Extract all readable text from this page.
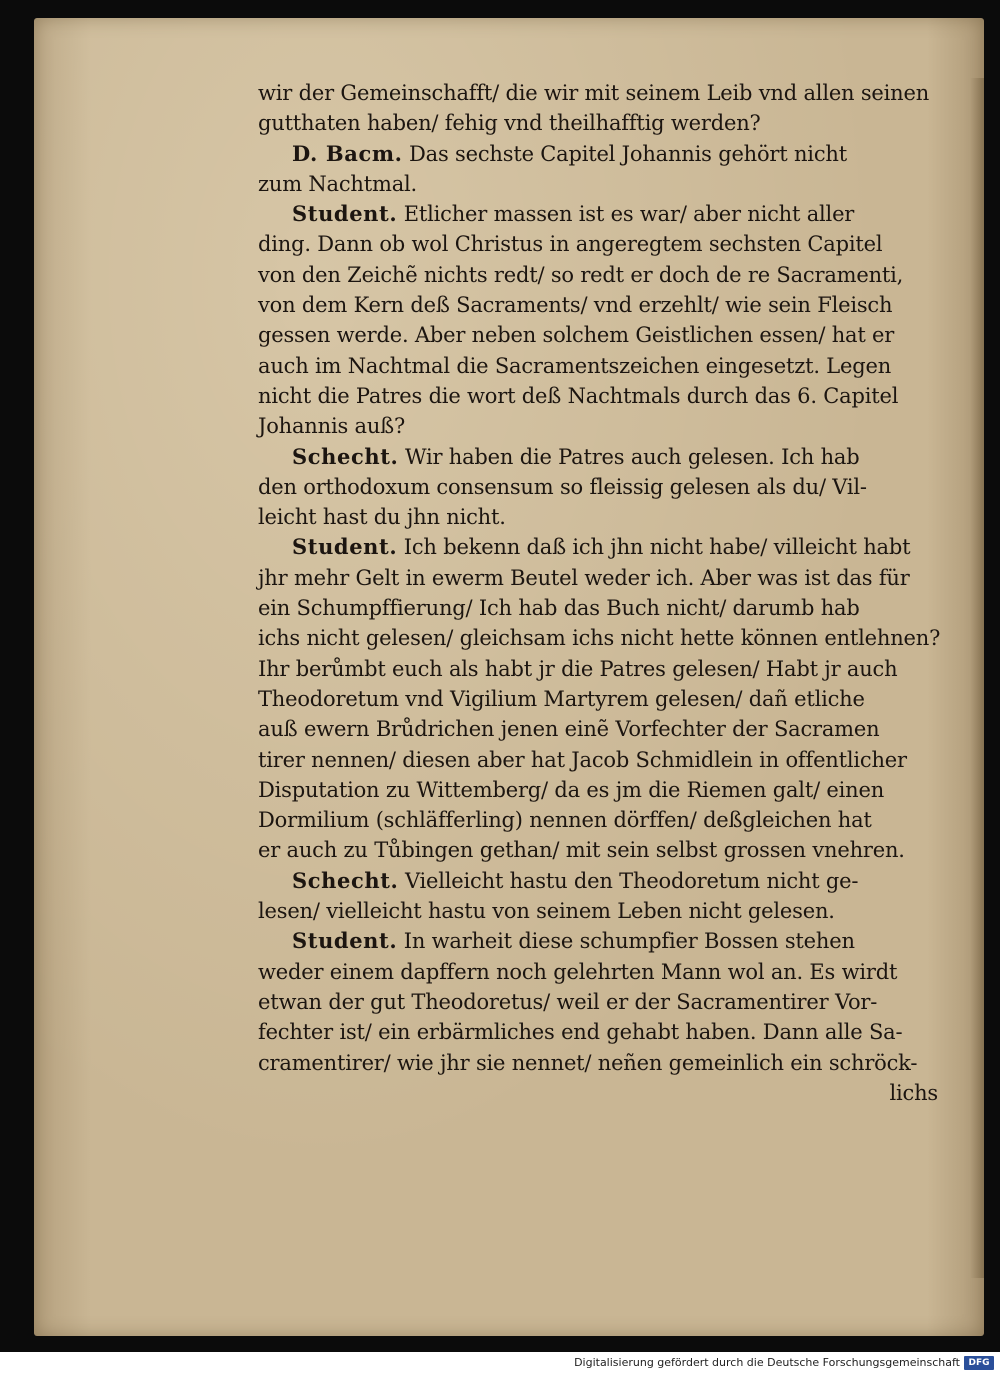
wir der Gemeinschafft/ die wir mit seinem Leib vnd allen seinen
gutthaten haben/ fehig vnd theilhafftig werden?
D. Bacm. Das sechste Capitel Johannis gehört nicht
zum Nachtmal.
Student. Etlicher massen ist es war/ aber nicht aller
ding. Dann ob wol Christus in angeregtem sechsten Capitel
von den Zeichẽ nichts redt/ so redt er doch de re Sacramenti,
von dem Kern deß Sacraments/ vnd erzehlt/ wie sein Fleisch
gessen werde. Aber neben solchem Geistlichen essen/ hat er
auch im Nachtmal die Sacramentszeichen eingesetzt. Legen
nicht die Patres die wort deß Nachtmals durch das 6. Capitel
Johannis auß?
Schecht. Wir haben die Patres auch gelesen. Ich hab
den orthodoxum consensum so fleissig gelesen als du/ Vil-
leicht hast du jhn nicht.
Student. Ich bekenn daß ich jhn nicht habe/ villeicht habt
jhr mehr Gelt in ewerm Beutel weder ich. Aber was ist das für
ein Schumpffierung/ Ich hab das Buch nicht/ darumb hab
ichs nicht gelesen/ gleichsam ichs nicht hette können entlehnen?
Ihr berůmbt euch als habt jr die Patres gelesen/ Habt jr auch
Theodoretum vnd Vigilium Martyrem gelesen/ dañ etliche
auß ewern Brůdrichen jenen einẽ Vorfechter der Sacramen
tirer nennen/ diesen aber hat Jacob Schmidlein in offentlicher
Disputation zu Wittemberg/ da es jm die Riemen galt/ einen
Dormilium (schläfferling) nennen dörffen/ deßgleichen hat
er auch zu Tůbingen gethan/ mit sein selbst grossen vnehren.
Schecht. Vielleicht hastu den Theodoretum nicht ge-
lesen/ vielleicht hastu von seinem Leben nicht gelesen.
Student. In warheit diese schumpfier Bossen stehen
weder einem dapffern noch gelehrten Mann wol an. Es wirdt
etwan der gut Theodoretus/ weil er der Sacramentirer Vor-
fechter ist/ ein erbärmliches end gehabt haben. Dann alle Sa-
cramentirer/ wie jhr sie nennet/ neñen gemeinlich ein schröck-
lichs
Digitalisierung gefördert durch die Deutsche Forschungsgemeinschaft DFG
